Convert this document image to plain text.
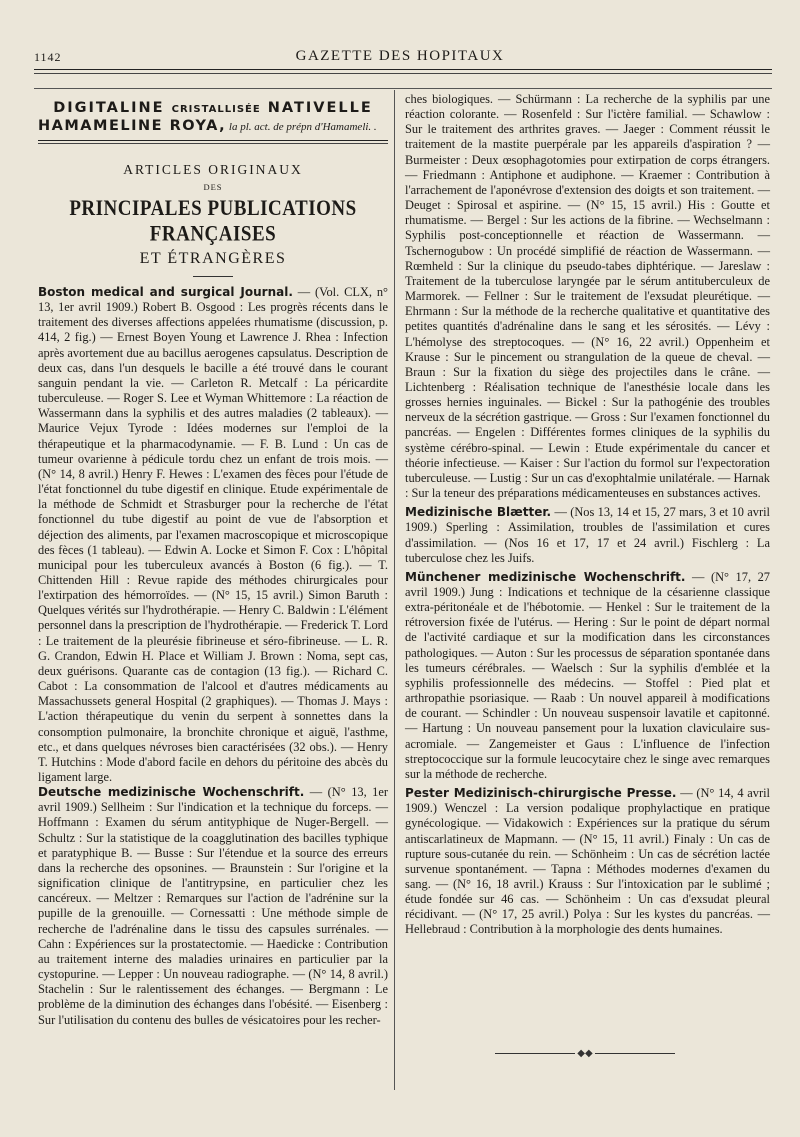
1142	GAZETTE DES HOPITAUX
DIGITALINE CRISTALLISÉE NATIVELLE
HAMAMELINE ROYA, la pl. act. de prépn d'Hamameli. .
ARTICLES ORIGINAUX
DES
PRINCIPALES PUBLICATIONS FRANÇAISES
ET ÉTRANGÈRES

Boston medical and surgical Journal. — (Vol. CLX, n° 13, 1er avril 1909.) Robert B. Osgood : Les progrès récents dans le traitement des diverses affections appelées rhumatisme (discussion, p. 414, 2 fig.) — Ernest Boyen Young et Lawrence J. Rhea : Infection après avortement due au bacillus aerogenes capsulatus. Description de deux cas, dans l'un desquels le bacille a été trouvé dans le courant sanguin pendant la vie. — Carleton R. Metcalf : La péricardite tuberculeuse. — Roger S. Lee et Wyman Whittemore : La réaction de Wassermann dans la syphilis et des autres maladies (2 tableaux). — Maurice Vejux Tyrode : Idées modernes sur l'emploi de la thérapeutique et la pharmacodynamie. — F. B. Lund : Un cas de tumeur ovarienne à pédicule tordu chez un enfant de trois mois. — (N° 14, 8 avril.) Henry F. Hewes : L'examen des fèces pour l'étude de l'état fonctionnel du tube digestif en clinique. Etude expérimentale de la méthode de Schmidt et Strasburger pour la recherche de l'état fonctionnel du tube digestif au point de vue de l'absorption et déjection des aliments, par l'examen macroscopique et microscopique des fèces (1 tableau). — Edwin A. Locke et Simon F. Cox : L'hôpital municipal pour les tuberculeux avancés à Boston (6 fig.). — T. Chittenden Hill : Revue rapide des méthodes chirurgicales pour l'extirpation des hémorroïdes. — (N° 15, 15 avril.) Simon Baruth : Quelques vérités sur l'hydrothérapie. — Henry C. Baldwin : L'élément personnel dans la prescription de l'hydrothérapie. — Frederick T. Lord : Le traitement de la pleurésie fibrineuse et séro-fibrineuse. — L. R. G. Crandon, Edwin H. Place et William J. Brown : Noma, sept cas, deux guérisons. Quarante cas de contagion (13 fig.). — Richard C. Cabot : La consommation de l'alcool et d'autres médicaments au Massachussets general Hospital (2 graphiques). — Thomas J. Mays : L'action thérapeutique du venin du serpent à sonnettes dans la consomption pulmonaire, la bronchite chronique et aiguë, l'asthme, etc., et dans quelques névroses bien caractérisées (32 obs.). — Henry T. Hutchins : Mode d'abord facile en dehors du péritoine des abcès du ligament large.

Deutsche medizinische Wochenschrift. — (N° 13, 1er avril 1909.) Sellheim : Sur l'indication et la technique du forceps. — Hoffmann : Examen du sérum antityphique de Nuger-Bergell. — Schultz : Sur la statistique de la coagglutination des bacilles typhique et paratyphique B. — Busse : Sur l'étendue et la source des erreurs dans la recherche des opsonines. — Braunstein : Sur l'origine et la signification clinique de l'antitrypsine, en particulier chez les cancéreux. — Meltzer : Remarques sur l'action de l'adrénine sur la pupille de la grenouille. — Cornessatti : Une méthode simple de recherche de l'adrénaline dans le tissu des capsules surrénales. — Cahn : Expériences sur la prostatectomie. — Haedicke : Contribution au traitement interne des maladies urinaires en particulier par la cystopurine. — Lepper : Un nouveau radiographe. — (N° 14, 8 avril.) Stachelin : Sur le ralentissement des échanges. — Bergmann : Le problème de la diminution des échanges dans l'obésité. — Eisenberg : Sur l'utilisation du contenu des bulles de vésicatoires pour les recher-

ches biologiques. — Schürmann : La recherche de la syphilis par une réaction colorante. — Rosenfeld : Sur l'ictère familial. — Schawlow : Sur le traitement des arthrites graves. — Jaeger : Comment réussit le traitement de la mastite puerpérale par les appareils d'aspiration ? — Burmeister : Deux œsophagotomies pour extirpation de corps étrangers. — Friedmann : Antiphone et audiphone. — Kraemer : Contribution à l'arrachement de l'aponévrose d'extension des doigts et son traitement. — Deuget : Spirosal et aspirine. — (N° 15, 15 avril.) His : Goutte et rhumatisme. — Bergel : Sur les actions de la fibrine. — Wechselmann : Syphilis post-conceptionnelle et réaction de Wassermann. — Tschernogubow : Un procédé simplifié de réaction de Wassermann. — Rœmheld : Sur la clinique du pseudo-tabes diphtérique. — Jareslaw : Traitement de la tuberculose laryngée par le sérum antituberculeux de Marmorek. — Fellner : Sur le traitement de l'exsudat pleurétique. — Ehrmann : Sur la méthode de la recherche qualitative et quantitative des petites quantités d'adrénaline dans le sang et les sérosités. — Lévy : L'hémolyse des streptocoques. — (N° 16, 22 avril.) Oppenheim et Krause : Sur le pincement ou strangulation de la queue de cheval. — Braun : Sur la fixation du siège des projectiles dans le crâne. — Lichtenberg : Réalisation technique de l'anesthésie locale dans les grosses hernies inguinales. — Bickel : Sur la pathogénie des troubles nerveux de la sécrétion gastrique. — Gross : Sur l'examen fonctionnel du pancréas. — Engelen : Différentes formes cliniques de la syphilis du système cérébro-spinal. — Lewin : Etude expérimentale du cancer et théorie infectieuse. — Kaiser : Sur l'action du formol sur l'expectoration tuberculeuse. — Lustig : Sur un cas d'exophtalmie unilatérale. — Harnak : Sur la teneur des préparations médicamenteuses en substances actives.

Medizinische Blætter. — (Nos 13, 14 et 15, 27 mars, 3 et 10 avril 1909.) Sperling : Assimilation, troubles de l'assimilation et cures d'assimilation. — (Nos 16 et 17, 17 et 24 avril.) Fischlerg : La tuberculose chez les Juifs.

Münchener medizinische Wochenschrift. — (N° 17, 27 avril 1909.) Jung : Indications et technique de la césarienne classique extra-péritonéale et de l'hébotomie. — Henkel : Sur le traitement de la rétroversion fixée de l'utérus. — Hering : Sur le point de départ normal de l'activité cardiaque et sur la modification dans les circonstances pathologiques. — Auton : Sur les processus de séparation spontanée dans les tumeurs cérébrales. — Waelsch : Sur la syphilis d'emblée et la syphilis professionnelle des médecins. — Stoffel : Pied plat et arthropathie psoriasique. — Raab : Un nouvel appareil à modifications de courant. — Schindler : Un nouveau suspensoir lavatile et capitonné. — Hartung : Un nouveau pansement pour la luxation claviculaire sus-acromiale. — Zangemeister et Gaus : L'influence de l'infection streptococcique sur la formule leucocytaire chez le singe avec remarques sur la méthode de recherche.

Pester Medizinisch-chirurgische Presse. — (N° 14, 4 avril 1909.) Wenczel : La version podalique prophylactique en pratique gynécologique. — Vidakowich : Expériences sur la pratique du sérum antiscarlatineux de Mapmann. — (N° 15, 11 avril.) Finaly : Un cas de rupture sous-cutanée du rein. — Schönheim : Un cas de sécrétion lactée survenue spontanément. — Tapna : Méthodes modernes d'examen du sang. — (N° 16, 18 avril.) Krauss : Sur l'intoxication par le sublimé ; étude fondée sur 46 cas. — Schönheim : Un cas d'exsudat pleural récidivant. — (N° 17, 25 avril.) Polya : Sur les kystes du pancréas. — Hellebraud : Contribution à la morphologie des dents humaines.

◆◆
